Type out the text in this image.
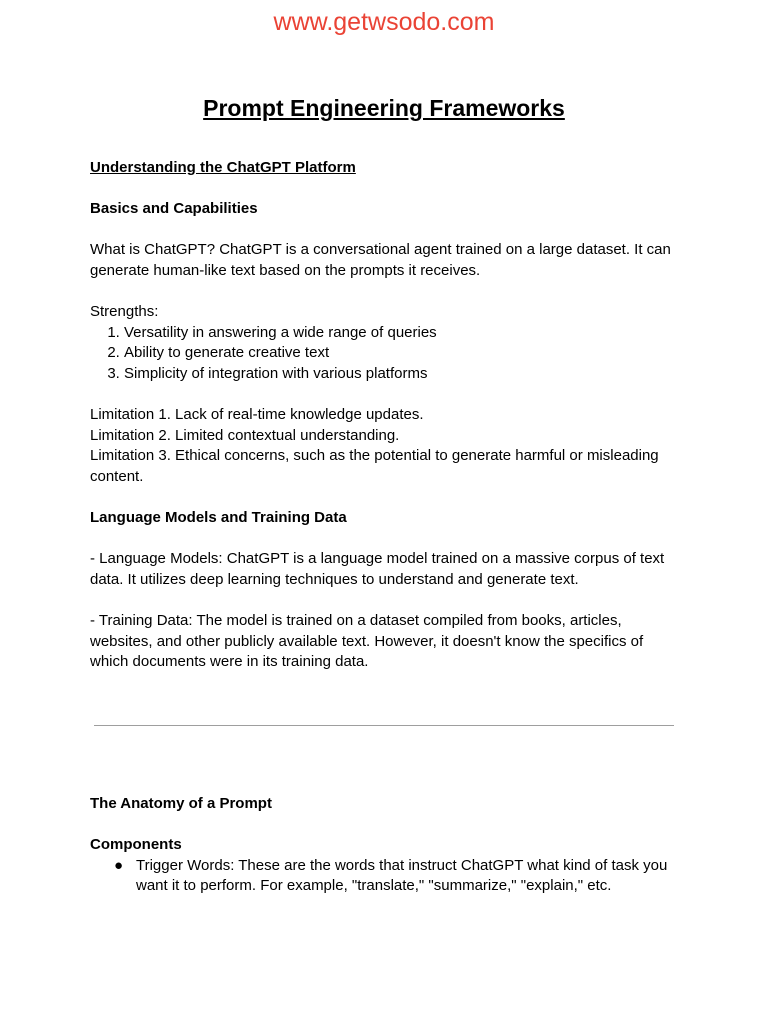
www.getwsodo.com
Prompt Engineering Frameworks

Understanding the ChatGPT Platform

Basics and Capabilities

What is ChatGPT? ChatGPT is a conversational agent trained on a large dataset. It can
generate human-like text based on the prompts it receives.

Strengths:

1. Versatility in answering a wide range of queries
2. Ability to generate creative text
3. Simplicity of integration with various platforms

Limitation 1. Lack of real-time knowledge updates.

Limitation 2. Limited contextual understanding.

Limitation 3. Ethical concerns, such as the potential to generate harmful or misleading
content.

Language Models and Training Data

- Language Models: ChatGPT is a language model trained on a massive corpus of text
data. It utilizes deep learning techniques to understand and generate text.

- Training Data: The model is trained on a dataset compiled from books, articles,
websites, and other publicly available text. However, it doesn't know the specifics of
which documents were in its training data.

The Anatomy of a Prompt

Components

● Trigger Words: These are the words that instruct ChatGPT what kind of task you
want it to perform. For example, "translate," "summarize," "explain," etc.
